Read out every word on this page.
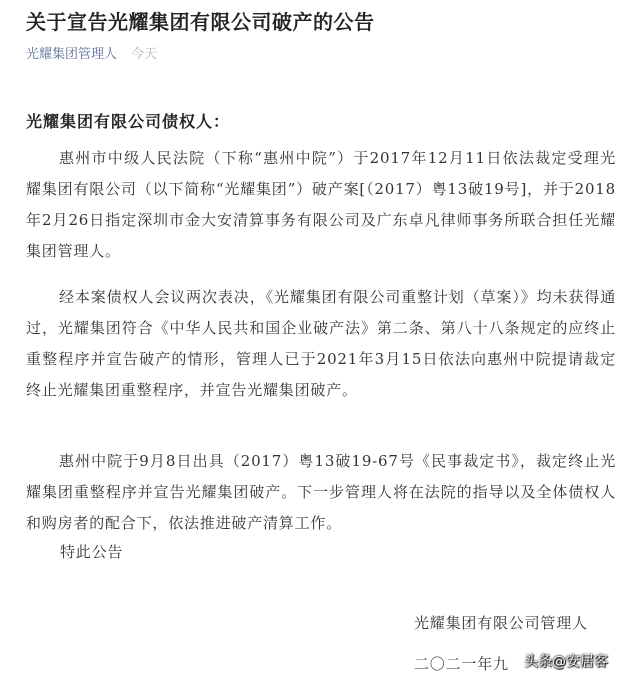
关于宣告光耀集团有限公司破产的公告
光耀集团管理人 今天
光耀集团有限公司债权人：

惠州市中级人民法院（下称“惠州中院”）于2017年12月11日依法裁定受理光耀集团有限公司（以下简称“光耀集团”）破产案[（2017）粤13破19号]，并于2018年2月26日指定深圳市金大安清算事务有限公司及广东卓凡律师事务所联合担任光耀集团管理人。

经本案债权人会议两次表决，《光耀集团有限公司重整计划（草案）》均未获得通过，光耀集团符合《中华人民共和国企业破产法》第二条、第八十八条规定的应终止重整程序并宣告破产的情形，管理人已于2021年3月15日依法向惠州中院提请裁定终止光耀集团重整程序，并宣告光耀集团破产。

惠州中院于9月8日出具（2017）粤13破19-67号《民事裁定书》，裁定终止光耀集团重整程序并宣告光耀集团破产。下一步管理人将在法院的指导以及全体债权人和购房者的配合下，依法推进破产清算工作。

特此公告
光耀集团有限公司管理人
二〇二一年九 头条@安居客
